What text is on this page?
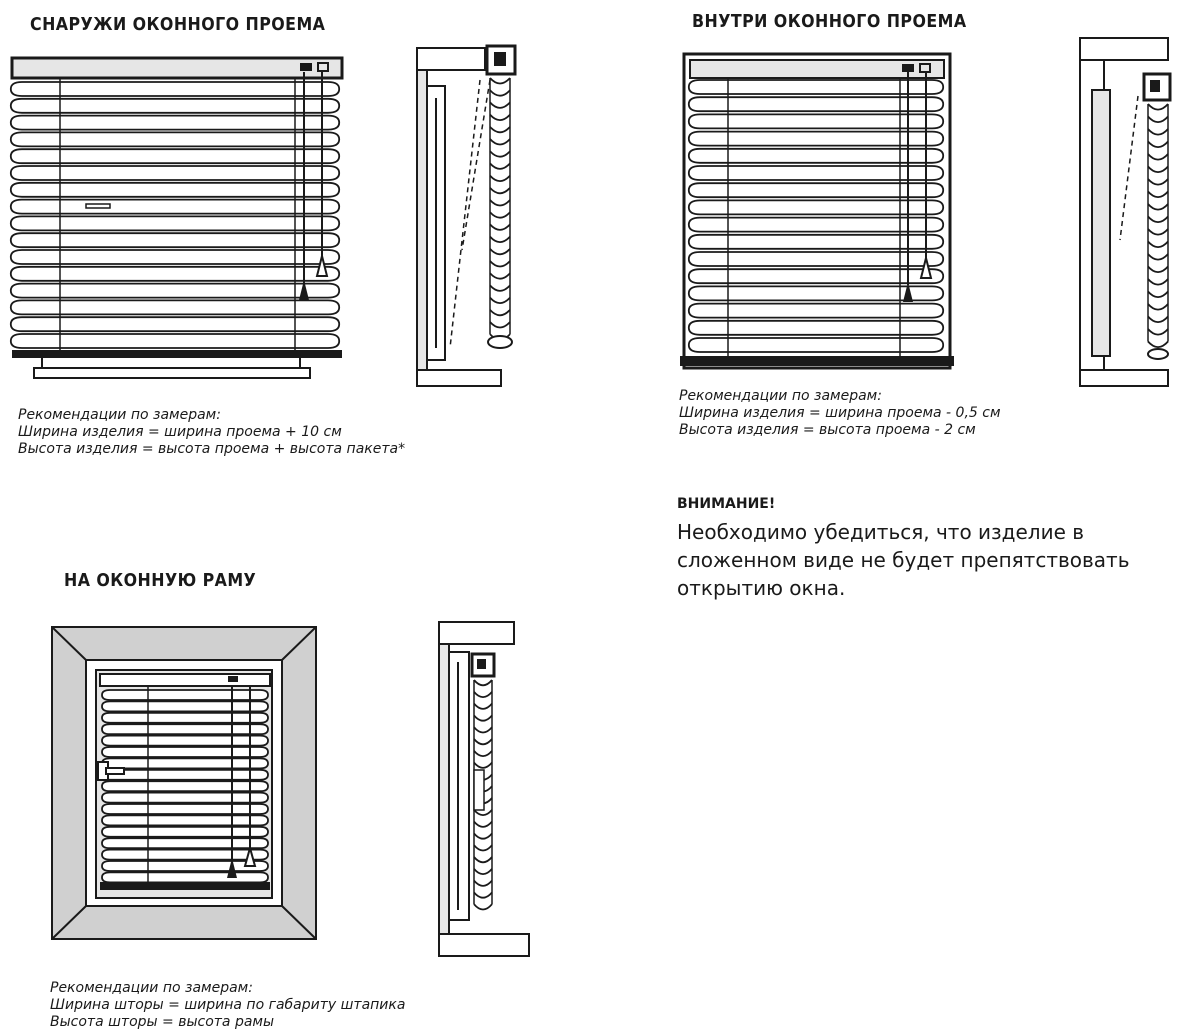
СНАРУЖИ ОКОННОГО ПРОЕМА	ВНУТРИ ОКОННОГО ПРОЕМА
НА ОКОННУЮ РАМУ
Рекомендации по замерам:
Ширина изделия = ширина проема + 10 см
Высота изделия = высота проема + высота пакета*
Рекомендации по замерам:
Ширина изделия = ширина проема - 0,5 см
Высота изделия = высота проема - 2 см
Рекомендации по замерам:
Ширина шторы = ширина по габариту штапика
Высота шторы = высота рамы
ВНИМАНИЕ!
Необходимо убедиться, что изделие в сложенном виде не будет препятствовать открытию окна.
